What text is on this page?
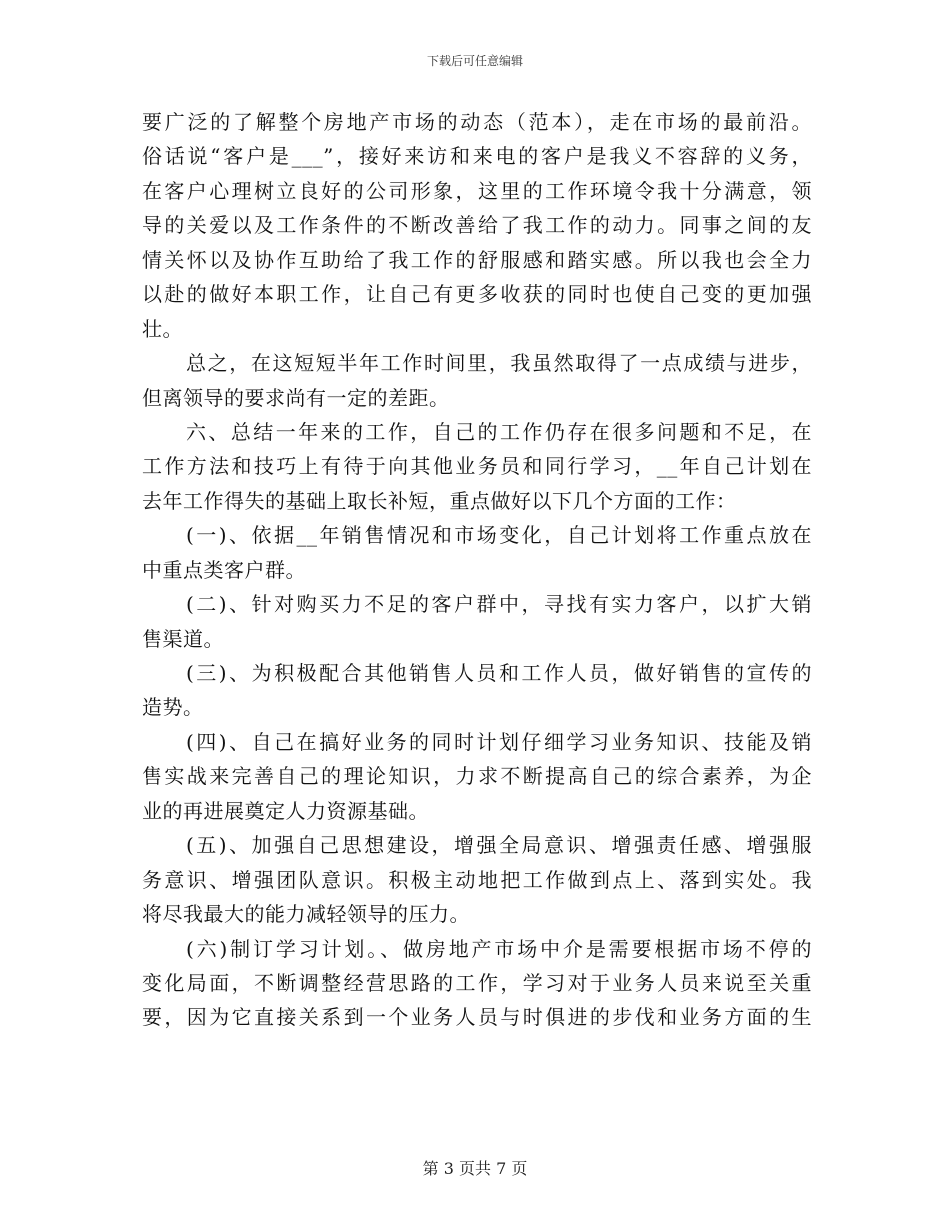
下载后可任意编辑
要广泛的了解整个房地产市场的动态（范本），走在市场的最前沿。
俗话说“客户是___”，接好来访和来电的客户是我义不容辞的义务，
在客户心理树立良好的公司形象，这里的工作环境令我十分满意，领
导的关爱以及工作条件的不断改善给了我工作的动力。同事之间的友
情关怀以及协作互助给了我工作的舒服感和踏实感。所以我也会全力
以赴的做好本职工作，让自己有更多收获的同时也使自己变的更加强
壮。
总之，在这短短半年工作时间里，我虽然取得了一点成绩与进步，
但离领导的要求尚有一定的差距。
六、总结一年来的工作，自己的工作仍存在很多问题和不足，在
工作方法和技巧上有待于向其他业务员和同行学习，__年自己计划在
去年工作得失的基础上取长补短，重点做好以下几个方面的工作：
(一)、依据__年销售情况和市场变化，自己计划将工作重点放在
中重点类客户群。
(二)、针对购买力不足的客户群中，寻找有实力客户，以扩大销
售渠道。
(三)、为积极配合其他销售人员和工作人员，做好销售的宣传的
造势。
(四)、自己在搞好业务的同时计划仔细学习业务知识、技能及销
售实战来完善自己的理论知识，力求不断提高自己的综合素养，为企
业的再进展奠定人力资源基础。
(五)、加强自己思想建设，增强全局意识、增强责任感、增强服
务意识、增强团队意识。积极主动地把工作做到点上、落到实处。我
将尽我最大的能力减轻领导的压力。
(六)制订学习计划。、做房地产市场中介是需要根据市场不停的
变化局面，不断调整经营思路的工作，学习对于业务人员来说至关重
要，因为它直接关系到一个业务人员与时俱进的步伐和业务方面的生
第 3 页共 7 页
